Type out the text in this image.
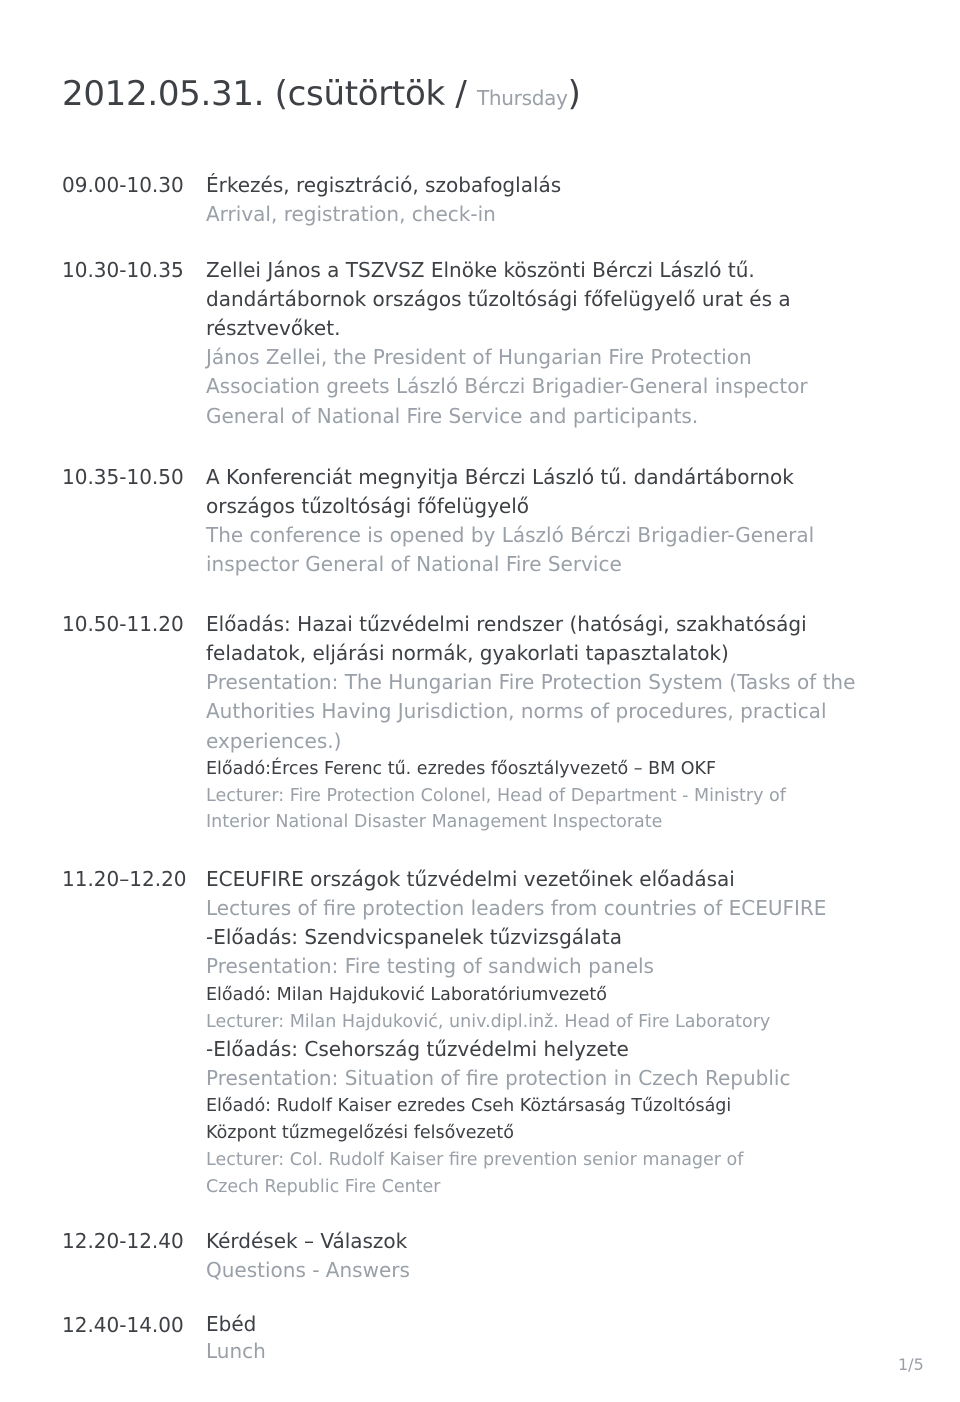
2012.05.31. (csütörtök / Thursday)
09.00-10.30 Érkezés, regisztráció, szobafoglalás
Arrival, registration, check-in
10.30-10.35 Zellei János a TSZVSZ Elnöke köszönti Bérczi László tű.
dandártábornok országos tűzoltósági főfelügyelő urat és a
résztvevőket.
János Zellei, the President of Hungarian Fire Protection
Association greets László Bérczi Brigadier-General inspector
General of National Fire Service and participants.
10.35-10.50 A Konferenciát megnyitja Bérczi László tű. dandártábornok
országos tűzoltósági főfelügyelő
The conference is opened by László Bérczi Brigadier-General
inspector General of National Fire Service
10.50-11.20 Előadás: Hazai tűzvédelmi rendszer (hatósági, szakhatósági
feladatok, eljárási normák, gyakorlati tapasztalatok)
Presentation: The Hungarian Fire Protection System (Tasks of the
Authorities Having Jurisdiction, norms of procedures, practical
experiences.)
Előadó:Érces Ferenc tű. ezredes főosztályvezető – BM OKF
Lecturer: Fire Protection Colonel, Head of Department - Ministry of
Interior National Disaster Management Inspectorate
11.20–12.20 ECEUFIRE országok tűzvédelmi vezetőinek előadásai
Lectures of fire protection leaders from countries of ECEUFIRE
-Előadás: Szendvicspanelek tűzvizsgálata
Presentation: Fire testing of sandwich panels
Előadó: Milan Hajduković Laboratóriumvezető
Lecturer: Milan Hajduković, univ.dipl.inž. Head of Fire Laboratory
-Előadás: Csehország tűzvédelmi helyzete
Presentation: Situation of fire protection in Czech Republic
Előadó: Rudolf Kaiser ezredes Cseh Köztársaság Tűzoltósági
Központ tűzmegelőzési felsővezető
Lecturer: Col. Rudolf Kaiser fire prevention senior manager of
Czech Republic Fire Center
12.20-12.40 Kérdések – Válaszok
Questions - Answers
12.40-14.00 Ebéd
Lunch
1/5
